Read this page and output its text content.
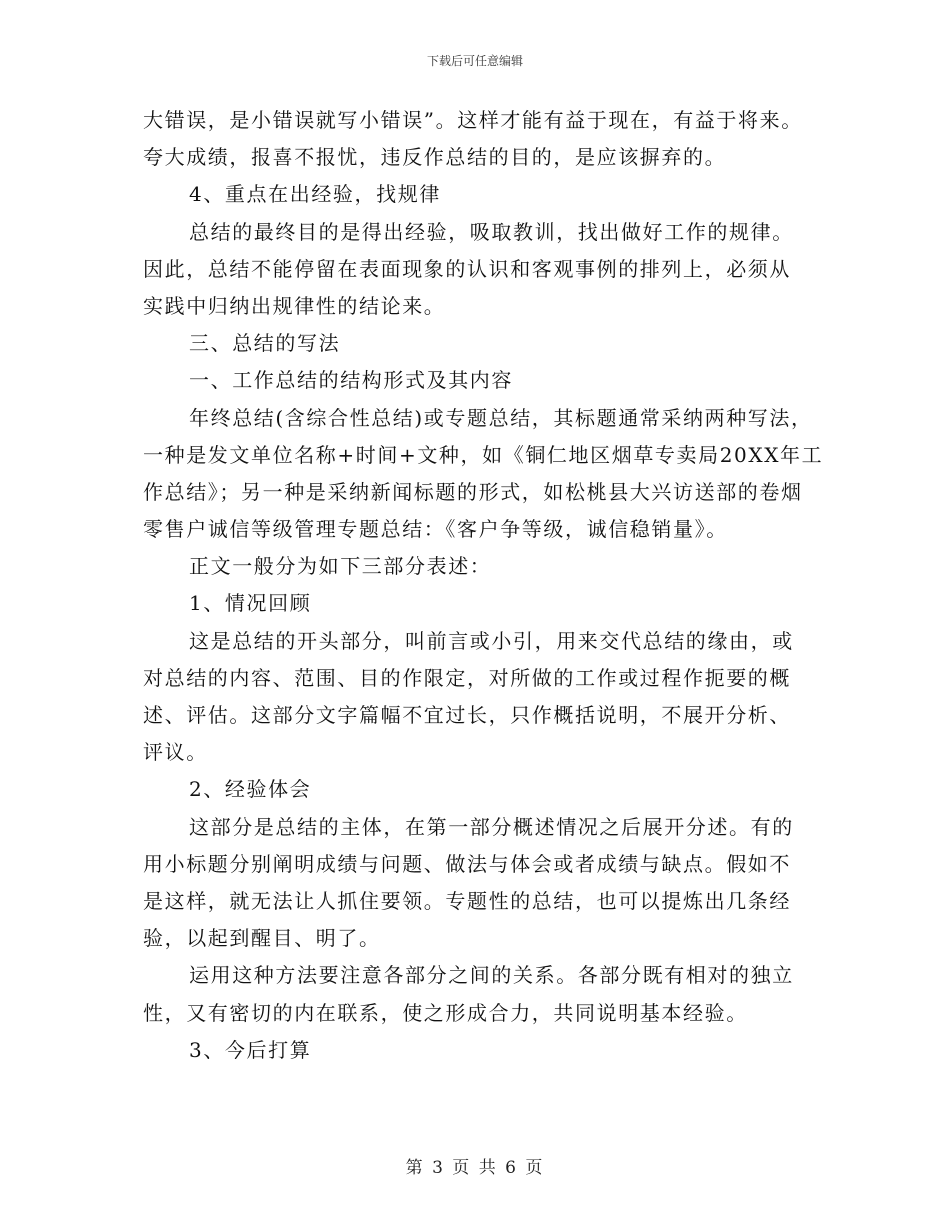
下载后可任意编辑
大错误，是小错误就写小错误”。这样才能有益于现在，有益于将来。
夸大成绩，报喜不报忧，违反作总结的目的，是应该摒弃的。
4、重点在出经验，找规律
总结的最终目的是得出经验，吸取教训，找出做好工作的规律。
因此，总结不能停留在表面现象的认识和客观事例的排列上，必须从
实践中归纳出规律性的结论来。
三、总结的写法
一、工作总结的结构形式及其内容
年终总结(含综合性总结)或专题总结，其标题通常采纳两种写法，
一种是发文单位名称+时间+文种，如《铜仁地区烟草专卖局20XX年工
作总结》；另一种是采纳新闻标题的形式，如松桃县大兴访送部的卷烟
零售户诚信等级管理专题总结：《客户争等级，诚信稳销量》。
正文一般分为如下三部分表述：
1、情况回顾
这是总结的开头部分，叫前言或小引，用来交代总结的缘由，或
对总结的内容、范围、目的作限定，对所做的工作或过程作扼要的概
述、评估。这部分文字篇幅不宜过长，只作概括说明，不展开分析、
评议。
2、经验体会
这部分是总结的主体，在第一部分概述情况之后展开分述。有的
用小标题分别阐明成绩与问题、做法与体会或者成绩与缺点。假如不
是这样，就无法让人抓住要领。专题性的总结，也可以提炼出几条经
验，以起到醒目、明了。
运用这种方法要注意各部分之间的关系。各部分既有相对的独立
性，又有密切的内在联系，使之形成合力，共同说明基本经验。
3、今后打算
第 3 页 共 6 页
